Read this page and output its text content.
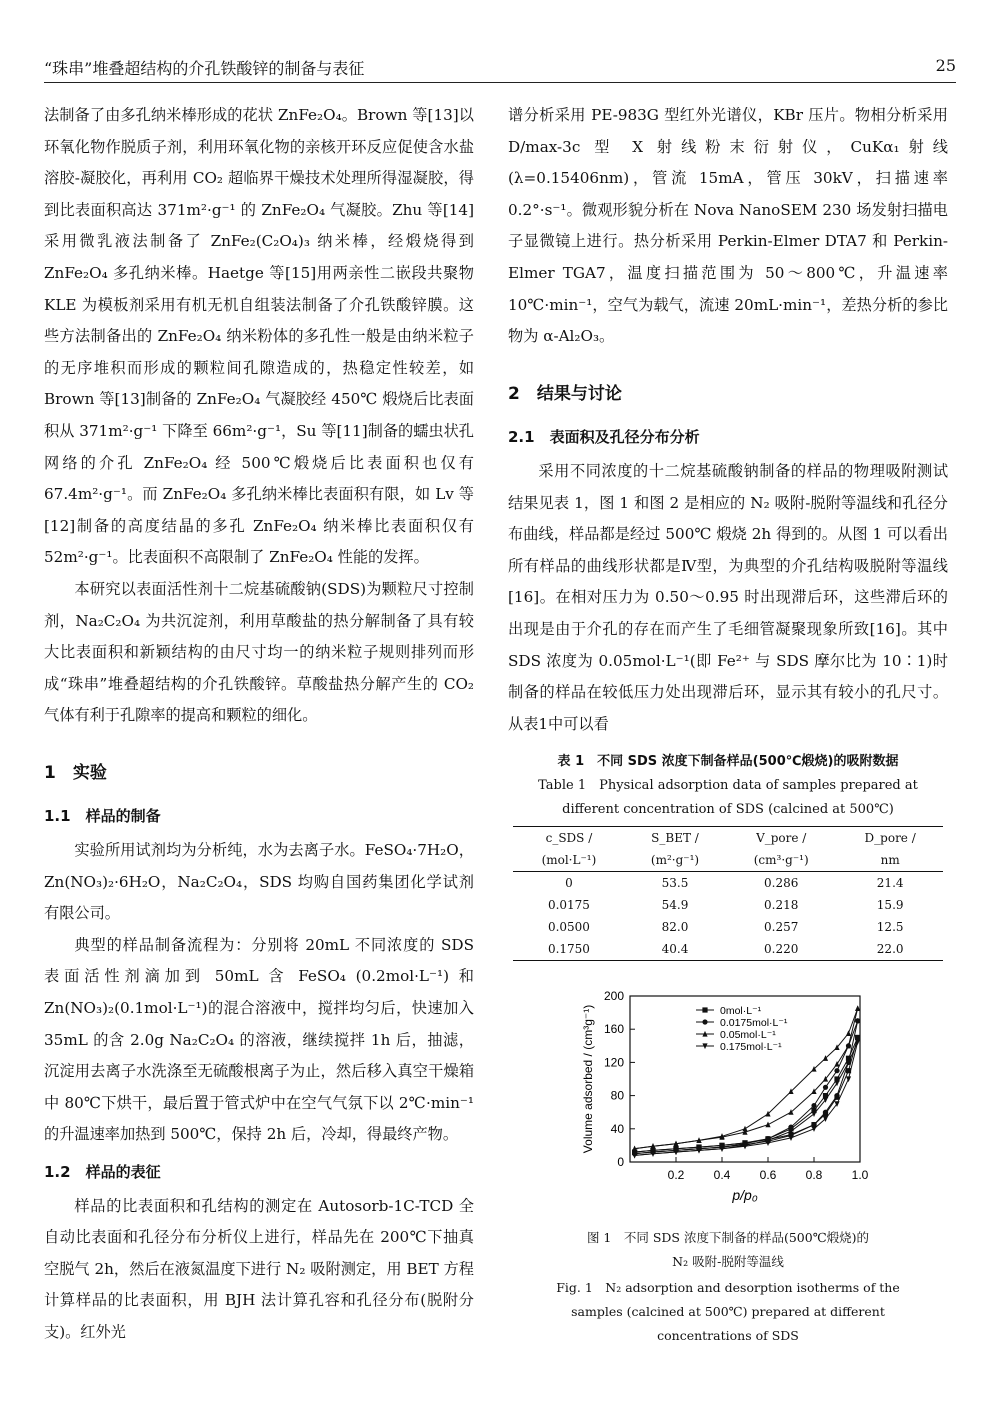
“珠串”堆叠超结构的介孔铁酸锌的制备与表征	25

法制备了由多孔纳米棒形成的花状 ZnFe₂O₄。Brown 等[13]以环氧化物作脱质子剂，利用环氧化物的亲核开环反应促使含水盐溶胶-凝胶化，再利用 CO₂ 超临界干燥技术处理所得湿凝胶，得到比表面积高达 371m²·g⁻¹ 的 ZnFe₂O₄ 气凝胶。Zhu 等[14]采用微乳液法制备了 ZnFe₂(C₂O₄)₃ 纳米棒，经煅烧得到 ZnFe₂O₄ 多孔纳米棒。Haetge 等[15]用两亲性二嵌段共聚物 KLE 为模板剂采用有机无机自组装法制备了介孔铁酸锌膜。这些方法制备出的 ZnFe₂O₄ 纳米粉体的多孔性一般是由纳米粒子的无序堆积而形成的颗粒间孔隙造成的，热稳定性较差，如 Brown 等[13]制备的 ZnFe₂O₄ 气凝胶经 450℃ 煅烧后比表面积从 371m²·g⁻¹ 下降至 66m²·g⁻¹，Su 等[11]制备的蠕虫状孔网络的介孔 ZnFe₂O₄ 经 500℃煅烧后比表面积也仅有 67.4m²·g⁻¹。而 ZnFe₂O₄ 多孔纳米棒比表面积有限，如 Lv 等[12]制备的高度结晶的多孔 ZnFe₂O₄ 纳米棒比表面积仅有 52m²·g⁻¹。比表面积不高限制了 ZnFe₂O₄ 性能的发挥。

本研究以表面活性剂十二烷基硫酸钠(SDS)为颗粒尺寸控制剂，Na₂C₂O₄ 为共沉淀剂，利用草酸盐的热分解制备了具有较大比表面积和新颖结构的由尺寸均一的纳米粒子规则排列而形成“珠串”堆叠超结构的介孔铁酸锌。草酸盐热分解产生的 CO₂ 气体有利于孔隙率的提高和颗粒的细化。

1　实验
1.1　样品的制备

实验所用试剂均为分析纯，水为去离子水。FeSO₄·7H₂O，Zn(NO₃)₂·6H₂O，Na₂C₂O₄，SDS 均购自国药集团化学试剂有限公司。

典型的样品制备流程为：分别将 20mL 不同浓度的 SDS 表面活性剂滴加到 50mL 含 FeSO₄ (0.2mol·L⁻¹) 和 Zn(NO₃)₂(0.1mol·L⁻¹)的混合溶液中，搅拌均匀后，快速加入 35mL 的含 2.0g Na₂C₂O₄ 的溶液，继续搅拌 1h 后，抽滤，沉淀用去离子水洗涤至无硫酸根离子为止，然后移入真空干燥箱中 80℃下烘干，最后置于管式炉中在空气气氛下以 2℃·min⁻¹ 的升温速率加热到 500℃，保持 2h 后，冷却，得最终产物。

1.2　样品的表征

样品的比表面积和孔结构的测定在 Autosorb-1C-TCD 全自动比表面和孔径分布分析仪上进行，样品先在 200℃下抽真空脱气 2h，然后在液氮温度下进行 N₂ 吸附测定，用 BET 方程计算样品的比表面积，用 BJH 法计算孔容和孔径分布(脱附分支)。红外光

谱分析采用 PE-983G 型红外光谱仪，KBr 压片。物相分析采用 D/max-3c 型 X 射线粉末衍射仪，CuKα₁射线 (λ=0.15406nm)，管流 15mA，管压 30kV，扫描速率 0.2°·s⁻¹。微观形貌分析在 Nova NanoSEM 230 场发射扫描电子显微镜上进行。热分析采用 Perkin-Elmer DTA7 和 Perkin-Elmer TGA7，温度扫描范围为 50～800℃，升温速率 10℃·min⁻¹，空气为载气，流速 20mL·min⁻¹，差热分析的参比物为 α-Al₂O₃。

2　结果与讨论
2.1　表面积及孔径分布分析

采用不同浓度的十二烷基硫酸钠制备的样品的物理吸附测试结果见表 1，图 1 和图 2 是相应的 N₂ 吸附-脱附等温线和孔径分布曲线，样品都是经过 500℃ 煅烧 2h 得到的。从图 1 可以看出所有样品的曲线形状都是Ⅳ型，为典型的介孔结构吸脱附等温线[16]。在相对压力为 0.50～0.95 时出现滞后环，这些滞后环的出现是由于介孔的存在而产生了毛细管凝聚现象所致[16]。其中 SDS 浓度为 0.05mol·L⁻¹(即 Fe²⁺ 与 SDS 摩尔比为 10∶1)时制备的样品在较低压力处出现滞后环，显示其有较小的孔尺寸。从表1中可以看

表 1　不同 SDS 浓度下制备样品(500℃煅烧)的吸附数据
Table 1　Physical adsorption data of samples prepared at
different concentration of SDS (calcined at 500℃)
c_SDS /	S_BET /	V_pore /	D_pore /
(mol·L⁻¹)	(m²·g⁻¹)	(cm³·g⁻¹)	nm
0	53.5	0.286	21.4
0.0175	54.9	0.218	15.9
0.0500	82.0	0.257	12.5
0.1750	40.4	0.220	22.0
0
40
80
120
160
200
0.2 0.4 0.6 0.8 1.0
p/p₀
Volume adsorbed / (cm³g⁻¹)	0mol·L⁻¹
0.0175mol·L⁻¹
0.05mol·L⁻¹
0.175mol·L⁻¹
图 1　不同 SDS 浓度下制备的样品(500℃煅烧)的
N₂ 吸附-脱附等温线
Fig. 1　N₂ adsorption and desorption isotherms of the
samples (calcined at 500℃) prepared at different
concentrations of SDS
